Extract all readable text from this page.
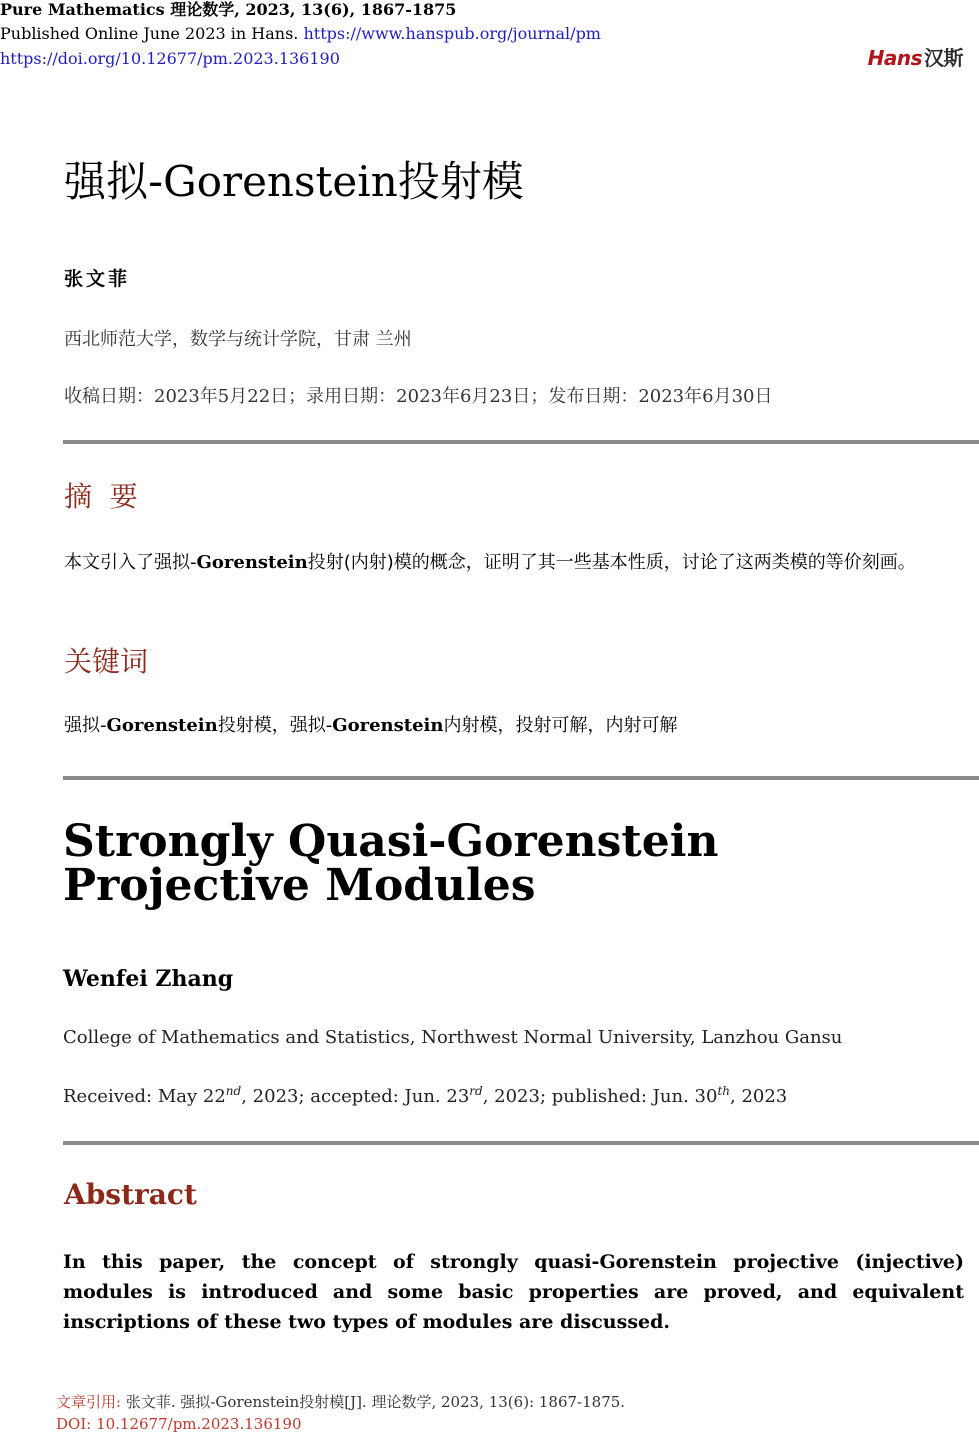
Pure Mathematics 理论数学, 2023, 13(6), 1867-1875
Published Online June 2023 in Hans. https://www.hanspub.org/journal/pm
https://doi.org/10.12677/pm.2023.136190	Hans 汉斯
强拟-Gorenstein投射模
张文菲
西北师范大学，数学与统计学院，甘肃 兰州
收稿日期：2023年5月22日；录用日期：2023年6月23日；发布日期：2023年6月30日
摘  要
本文引入了强拟-Gorenstein投射(内射)模的概念，证明了其一些基本性质，讨论了这两类模的等价刻画。
关键词
强拟-Gorenstein投射模，强拟-Gorenstein内射模，投射可解，内射可解
Strongly Quasi-Gorenstein
Projective Modules
Wenfei Zhang
College of Mathematics and Statistics, Northwest Normal University, Lanzhou Gansu
Received: May 22nd, 2023; accepted: Jun. 23rd, 2023; published: Jun. 30th, 2023
Abstract
In this paper, the concept of strongly quasi-Gorenstein projective (injective) modules is introduced and some basic properties are proved, and equivalent inscriptions of these two types of modules are discussed.
文章引用: 张文菲. 强拟-Gorenstein投射模[J]. 理论数学, 2023, 13(6): 1867-1875.
DOI: 10.12677/pm.2023.136190
